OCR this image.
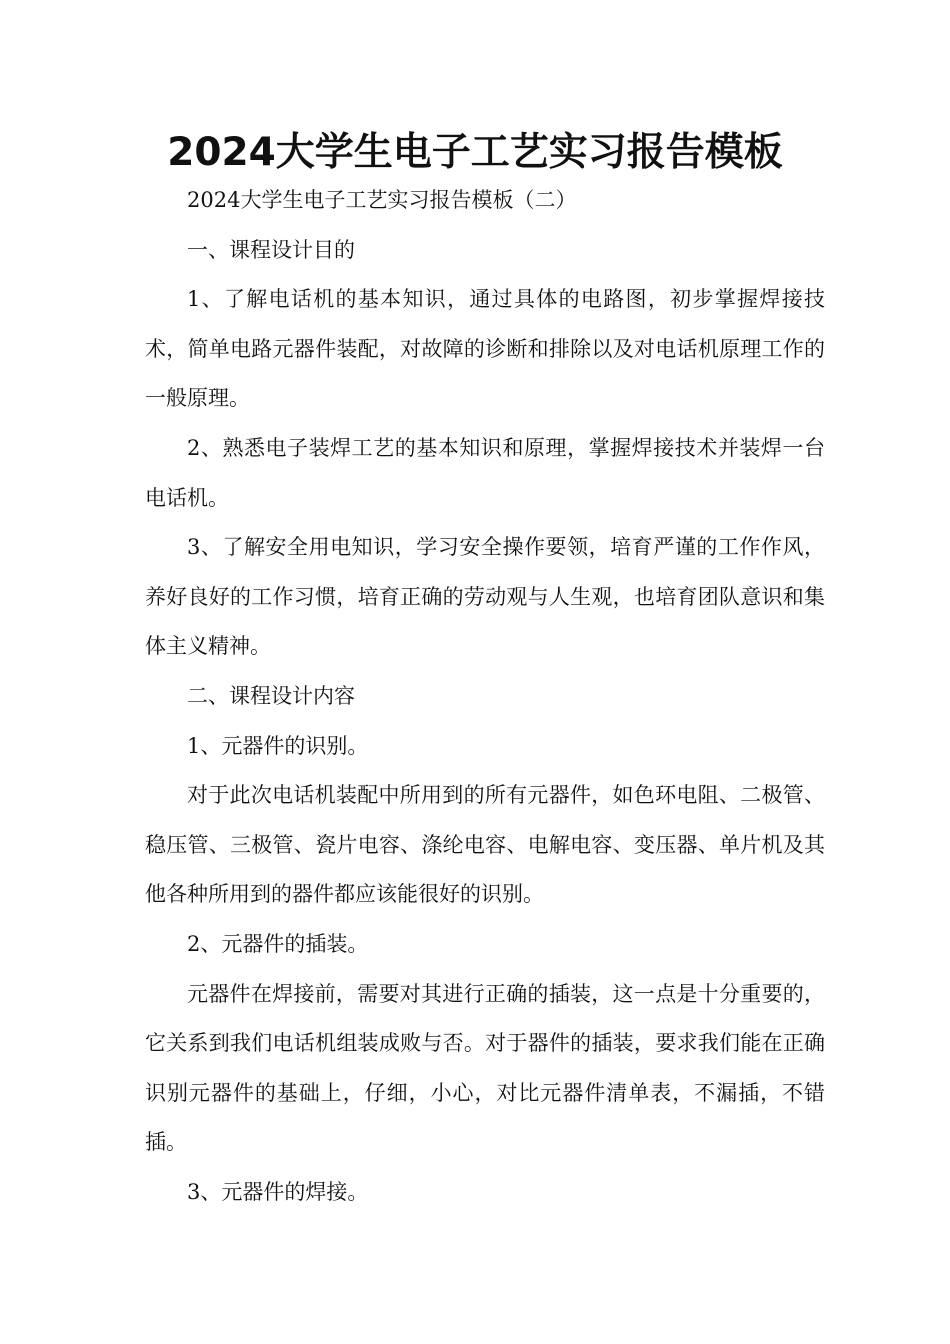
2024大学生电子工艺实习报告模板

2024大学生电子工艺实习报告模板（二）

一、课程设计目的

1、了解电话机的基本知识，通过具体的电路图，初步掌握焊接技术，简单电路元器件装配，对故障的诊断和排除以及对电话机原理工作的一般原理。

2、熟悉电子装焊工艺的基本知识和原理，掌握焊接技术并装焊一台电话机。

3、了解安全用电知识，学习安全操作要领，培育严谨的工作作风，养好良好的工作习惯，培育正确的劳动观与人生观，也培育团队意识和集体主义精神。

二、课程设计内容

1、元器件的识别。

对于此次电话机装配中所用到的所有元器件，如色环电阻、二极管、稳压管、三极管、瓷片电容、涤纶电容、电解电容、变压器、单片机及其他各种所用到的器件都应该能很好的识别。

2、元器件的插装。

元器件在焊接前，需要对其进行正确的插装，这一点是十分重要的，它关系到我们电话机组装成败与否。对于器件的插装，要求我们能在正确识别元器件的基础上，仔细，小心，对比元器件清单表，不漏插，不错插。

3、元器件的焊接。
